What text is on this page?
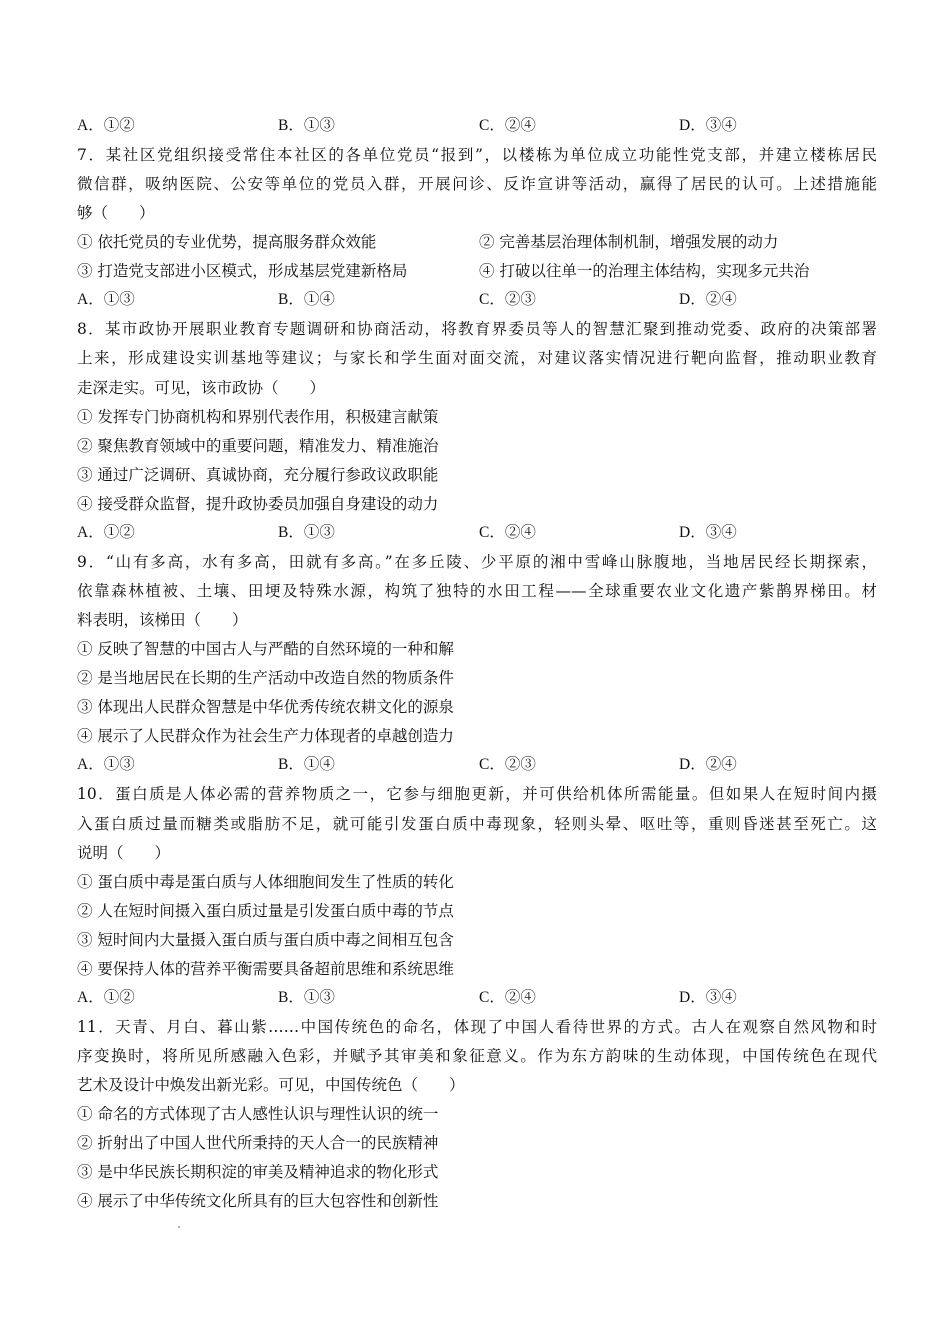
A．①②	B．①③	C．②④	D．③④
7．某社区党组织接受常住本社区的各单位党员“报到”，以楼栋为单位成立功能性党支部，并建立楼栋居民
微信群，吸纳医院、公安等单位的党员入群，开展问诊、反诈宣讲等活动，赢得了居民的认可。上述措施能
够（　　）
① 依托党员的专业优势，提高服务群众效能	② 完善基层治理体制机制，增强发展的动力
③ 打造党支部进小区模式，形成基层党建新格局	④ 打破以往单一的治理主体结构，实现多元共治
A．①③	B．①④	C．②③	D．②④
8．某市政协开展职业教育专题调研和协商活动，将教育界委员等人的智慧汇聚到推动党委、政府的决策部署
上来，形成建设实训基地等建议；与家长和学生面对面交流，对建议落实情况进行靶向监督，推动职业教育
走深走实。可见，该市政协（　　）
① 发挥专门协商机构和界别代表作用，积极建言献策
② 聚焦教育领域中的重要问题，精准发力、精准施治
③ 通过广泛调研、真诚协商，充分履行参政议政职能
④ 接受群众监督，提升政协委员加强自身建设的动力
A．①②	B．①③	C．②④	D．③④
9．“山有多高，水有多高，田就有多高。”在多丘陵、少平原的湘中雪峰山脉腹地，当地居民经长期探索，
依靠森林植被、土壤、田埂及特殊水源，构筑了独特的水田工程——全球重要农业文化遗产紫鹊界梯田。材
料表明，该梯田（　　）
① 反映了智慧的中国古人与严酷的自然环境的一种和解
② 是当地居民在长期的生产活动中改造自然的物质条件
③ 体现出人民群众智慧是中华优秀传统农耕文化的源泉
④ 展示了人民群众作为社会生产力体现者的卓越创造力
A．①③	B．①④	C．②③	D．②④
10．蛋白质是人体必需的营养物质之一，它参与细胞更新，并可供给机体所需能量。但如果人在短时间内摄
入蛋白质过量而糖类或脂肪不足，就可能引发蛋白质中毒现象，轻则头晕、呕吐等，重则昏迷甚至死亡。这
说明（　　）
① 蛋白质中毒是蛋白质与人体细胞间发生了性质的转化
② 人在短时间摄入蛋白质过量是引发蛋白质中毒的节点
③ 短时间内大量摄入蛋白质与蛋白质中毒之间相互包含
④ 要保持人体的营养平衡需要具备超前思维和系统思维
A．①②	B．①③	C．②④	D．③④
11．天青、月白、暮山紫……中国传统色的命名，体现了中国人看待世界的方式。古人在观察自然风物和时
序变换时，将所见所感融入色彩，并赋予其审美和象征意义。作为东方韵味的生动体现，中国传统色在现代
艺术及设计中焕发出新光彩。可见，中国传统色（　　）
① 命名的方式体现了古人感性认识与理性认识的统一
② 折射出了中国人世代所秉持的天人合一的民族精神
③ 是中华民族长期积淀的审美及精神追求的物化形式
④ 展示了中华传统文化所具有的巨大包容性和创新性
